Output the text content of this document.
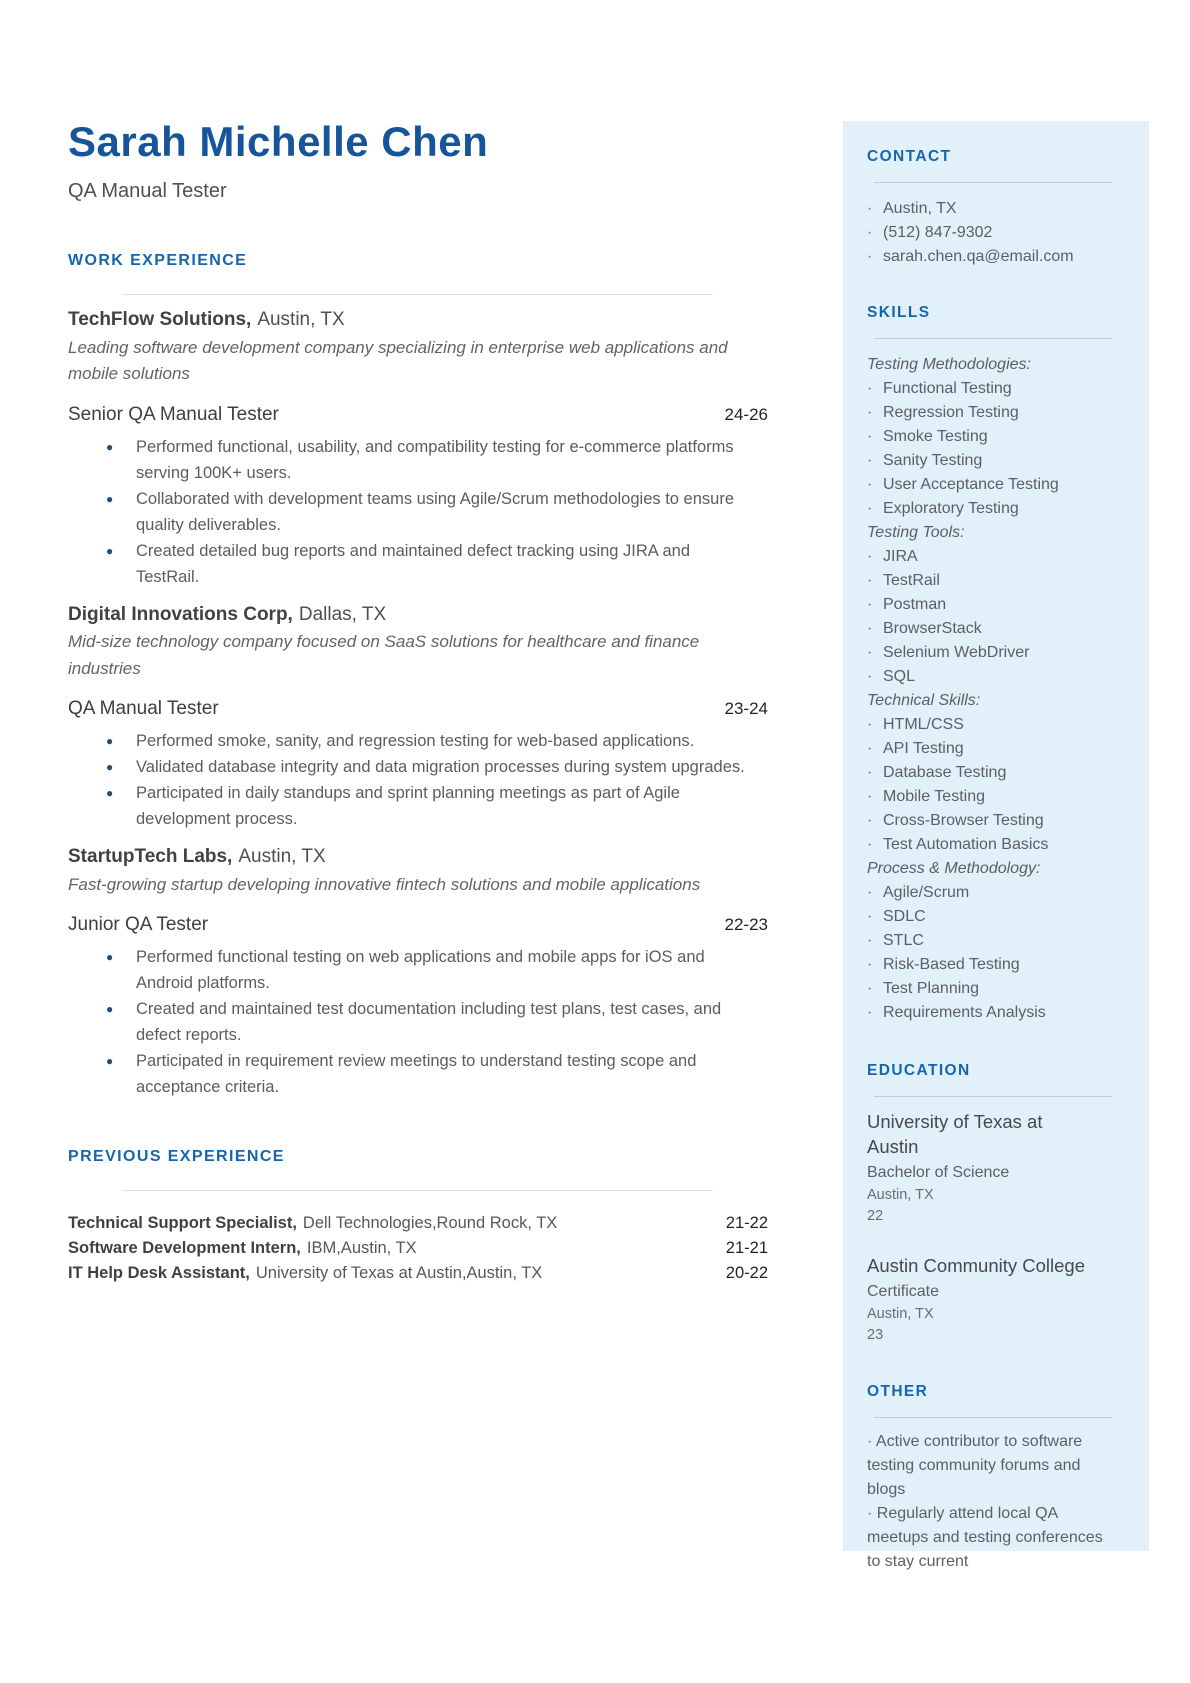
Sarah Michelle Chen
QA Manual Tester
WORK EXPERIENCE
TechFlow Solutions, Austin, TX
Leading software development company specializing in enterprise web applications and mobile solutions
Senior QA Manual Tester	24-26
●
Performed functional, usability, and compatibility testing for e-commerce platforms serving 100K+ users.
●
Collaborated with development teams using Agile/Scrum methodologies to ensure quality deliverables.
●
Created detailed bug reports and maintained defect tracking using JIRA and TestRail.
Digital Innovations Corp, Dallas, TX
Mid-size technology company focused on SaaS solutions for healthcare and finance industries
QA Manual Tester	23-24
●
Performed smoke, sanity, and regression testing for web-based applications.
●
Validated database integrity and data migration processes during system upgrades.
●
Participated in daily standups and sprint planning meetings as part of Agile development process.
StartupTech Labs, Austin, TX
Fast-growing startup developing innovative fintech solutions and mobile applications
Junior QA Tester	22-23
●
Performed functional testing on web applications and mobile apps for iOS and Android platforms.
●
Created and maintained test documentation including test plans, test cases, and defect reports.
●
Participated in requirement review meetings to understand testing scope and acceptance criteria.
PREVIOUS EXPERIENCE
Technical Support Specialist, Dell Technologies,Round Rock, TX	21-22
Software Development Intern, IBM,Austin, TX	21-21
IT Help Desk Assistant, University of Texas at Austin,Austin, TX	20-22
CONTACT
·
Austin, TX
·
(512) 847-9302
·
sarah.chen.qa@email.com
SKILLS
Testing Methodologies:
·
Functional Testing
·
Regression Testing
·
Smoke Testing
·
Sanity Testing
·
User Acceptance Testing
·
Exploratory Testing
Testing Tools:
·
JIRA
·
TestRail
·
Postman
·
BrowserStack
·
Selenium WebDriver
·
SQL
Technical Skills:
·
HTML/CSS
·
API Testing
·
Database Testing
·
Mobile Testing
·
Cross-Browser Testing
·
Test Automation Basics
Process & Methodology:
·
Agile/Scrum
·
SDLC
·
STLC
·
Risk-Based Testing
·
Test Planning
·
Requirements Analysis
EDUCATION
University of Texas at Austin
Bachelor of Science
Austin, TX
22
Austin Community College
Certificate
Austin, TX
23
OTHER

· Active contributor to software testing community forums and blogs

· Regularly attend local QA meetups and testing conferences to stay current
